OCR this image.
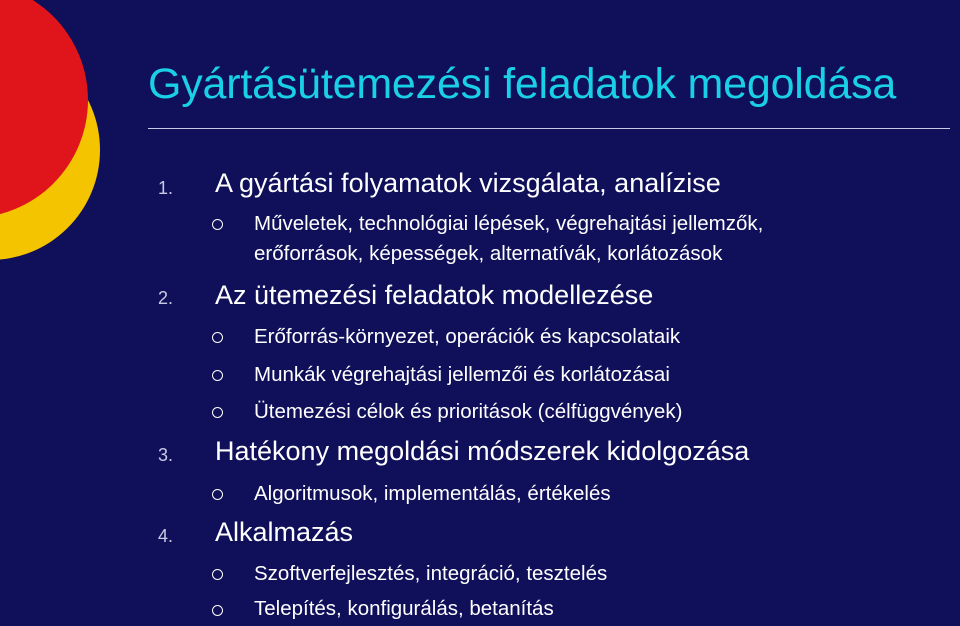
Gyártásütemezési feladatok megoldása
1. A gyártási folyamatok vizsgálata, analízise
Műveletek, technológiai lépések, végrehajtási jellemzők,
erőforrások, képességek, alternatívák, korlátozások
2. Az ütemezési feladatok modellezése
Erőforrás-környezet, operációk és kapcsolataik
Munkák végrehajtási jellemzői és korlátozásai
Ütemezési célok és prioritások (célfüggvények)
3. Hatékony megoldási módszerek kidolgozása
Algoritmusok, implementálás, értékelés
4. Alkalmazás
Szoftverfejlesztés, integráció, tesztelés
Telepítés, konfigurálás, betanítás
